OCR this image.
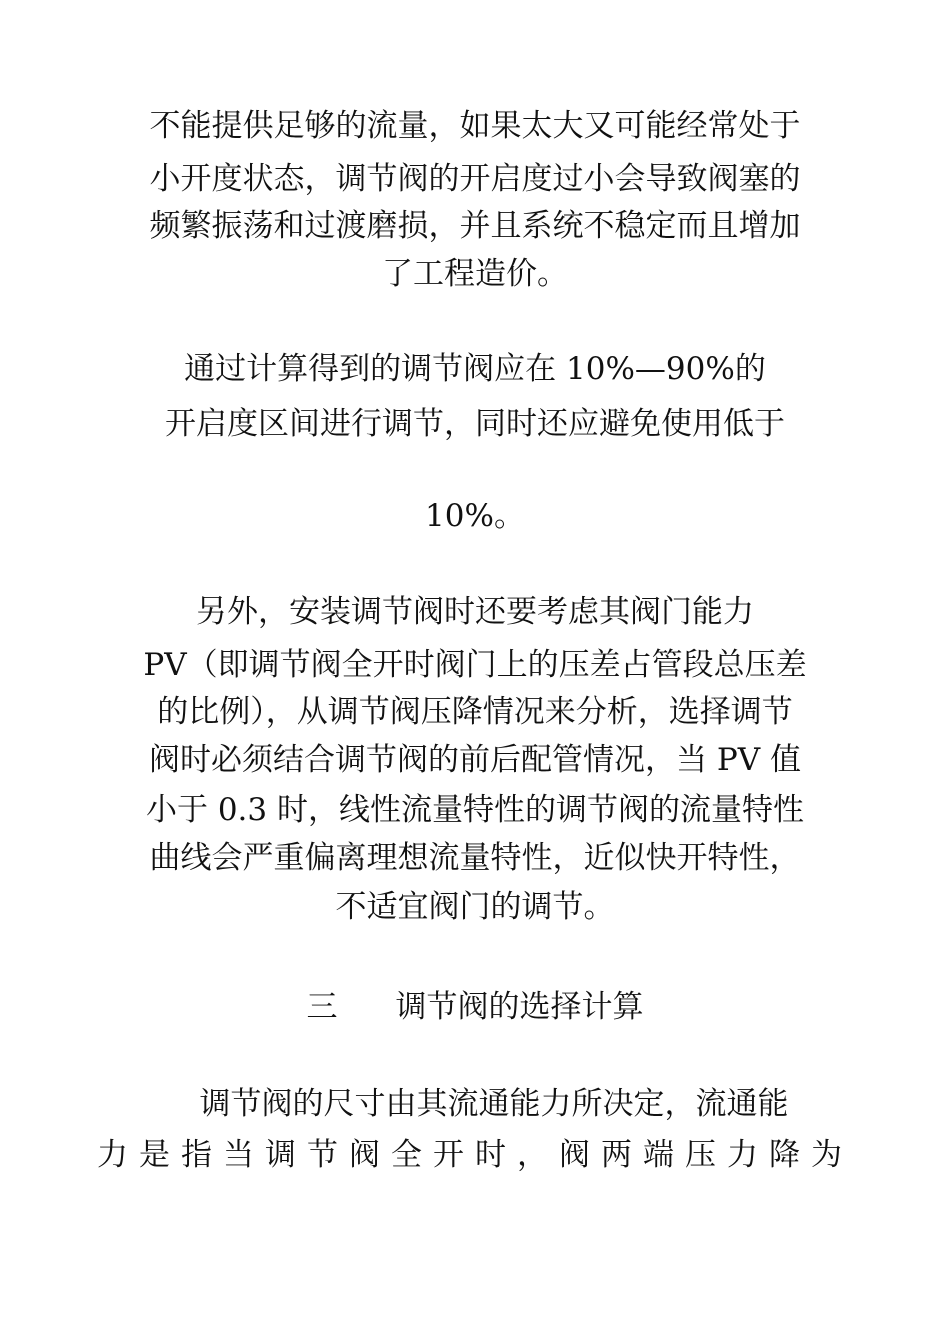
不能提供足够的流量，如果太大又可能经常处于
小开度状态，调节阀的开启度过小会导致阀塞的
频繁振荡和过渡磨损，并且系统不稳定而且增加
了工程造价。
通过计算得到的调节阀应在 10%—90%的
开启度区间进行调节，同时还应避免使用低于
10%。
另外，安装调节阀时还要考虑其阀门能力
PV（即调节阀全开时阀门上的压差占管段总压差
的比例），从调节阀压降情况来分析，选择调节
阀时必须结合调节阀的前后配管情况，当 PV 值
小于 0.3 时，线性流量特性的调节阀的流量特性
曲线会严重偏离理想流量特性，近似快开特性，
不适宜阀门的调节。
三 调节阀的选择计算
调节阀的尺寸由其流通能力所决定，流通能
力是指当调节阀全开时，阀两端压力降为
